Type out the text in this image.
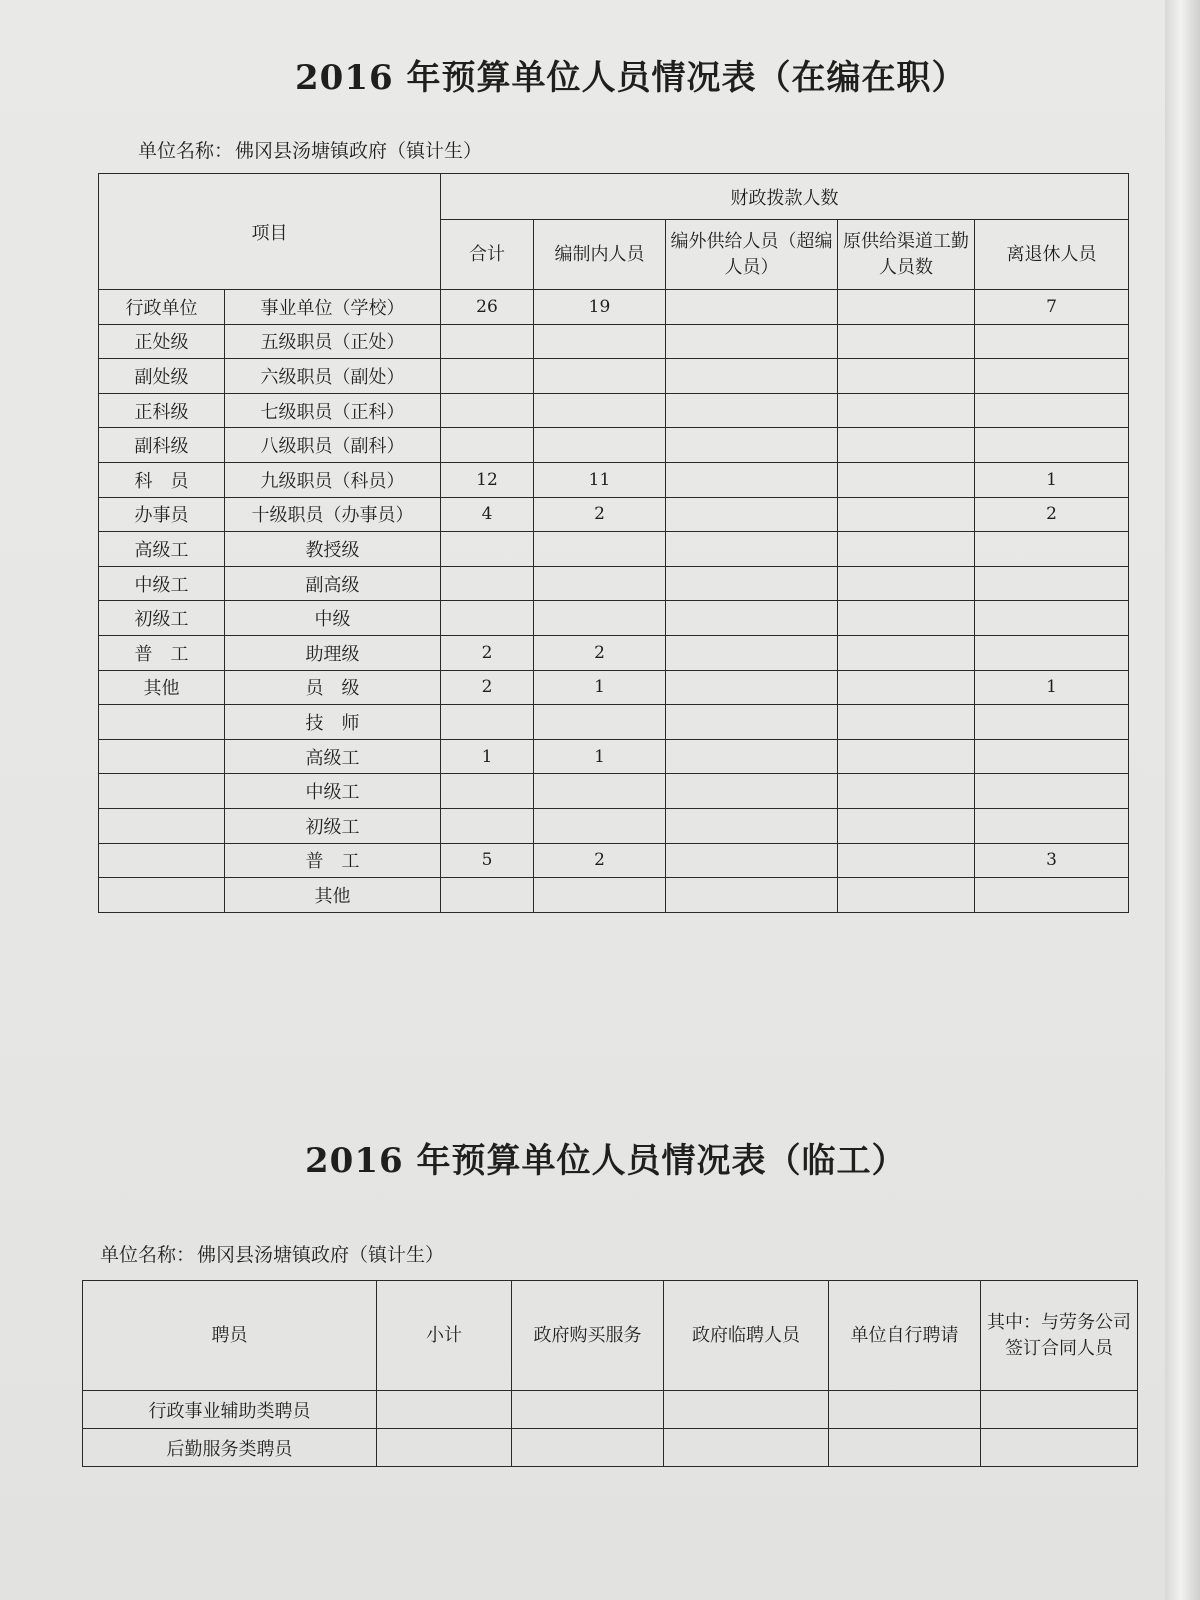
2016 年预算单位人员情况表（在编在职）
单位名称： 佛冈县汤塘镇政府（镇计生）
项目		财政拨款人数				
		合计	编制内人员	编外供给人员（超编人员）	原供给渠道工勤人员数	离退休人员
行政单位	事业单位（学校）	26	19			7
正处级	五级职员（正处）					
副处级	六级职员（副处）					
正科级	七级职员（正科）					
副科级	八级职员（副科）					
科　员	九级职员（科员）	12	11			1
办事员	十级职员（办事员）	4	2			2
高级工	教授级					
中级工	副高级					
初级工	中级					
普　工	助理级	2	2			
其他	员　级	2	1			1
	技　师					
	高级工	1	1			
	中级工					
	初级工					
	普　工	5	2			3
	其他					
2016 年预算单位人员情况表（临工）
单位名称： 佛冈县汤塘镇政府（镇计生）
聘员	小计	政府购买服务	政府临聘人员	单位自行聘请	其中：与劳务公司签订合同人员
行政事业辅助类聘员					
后勤服务类聘员					
